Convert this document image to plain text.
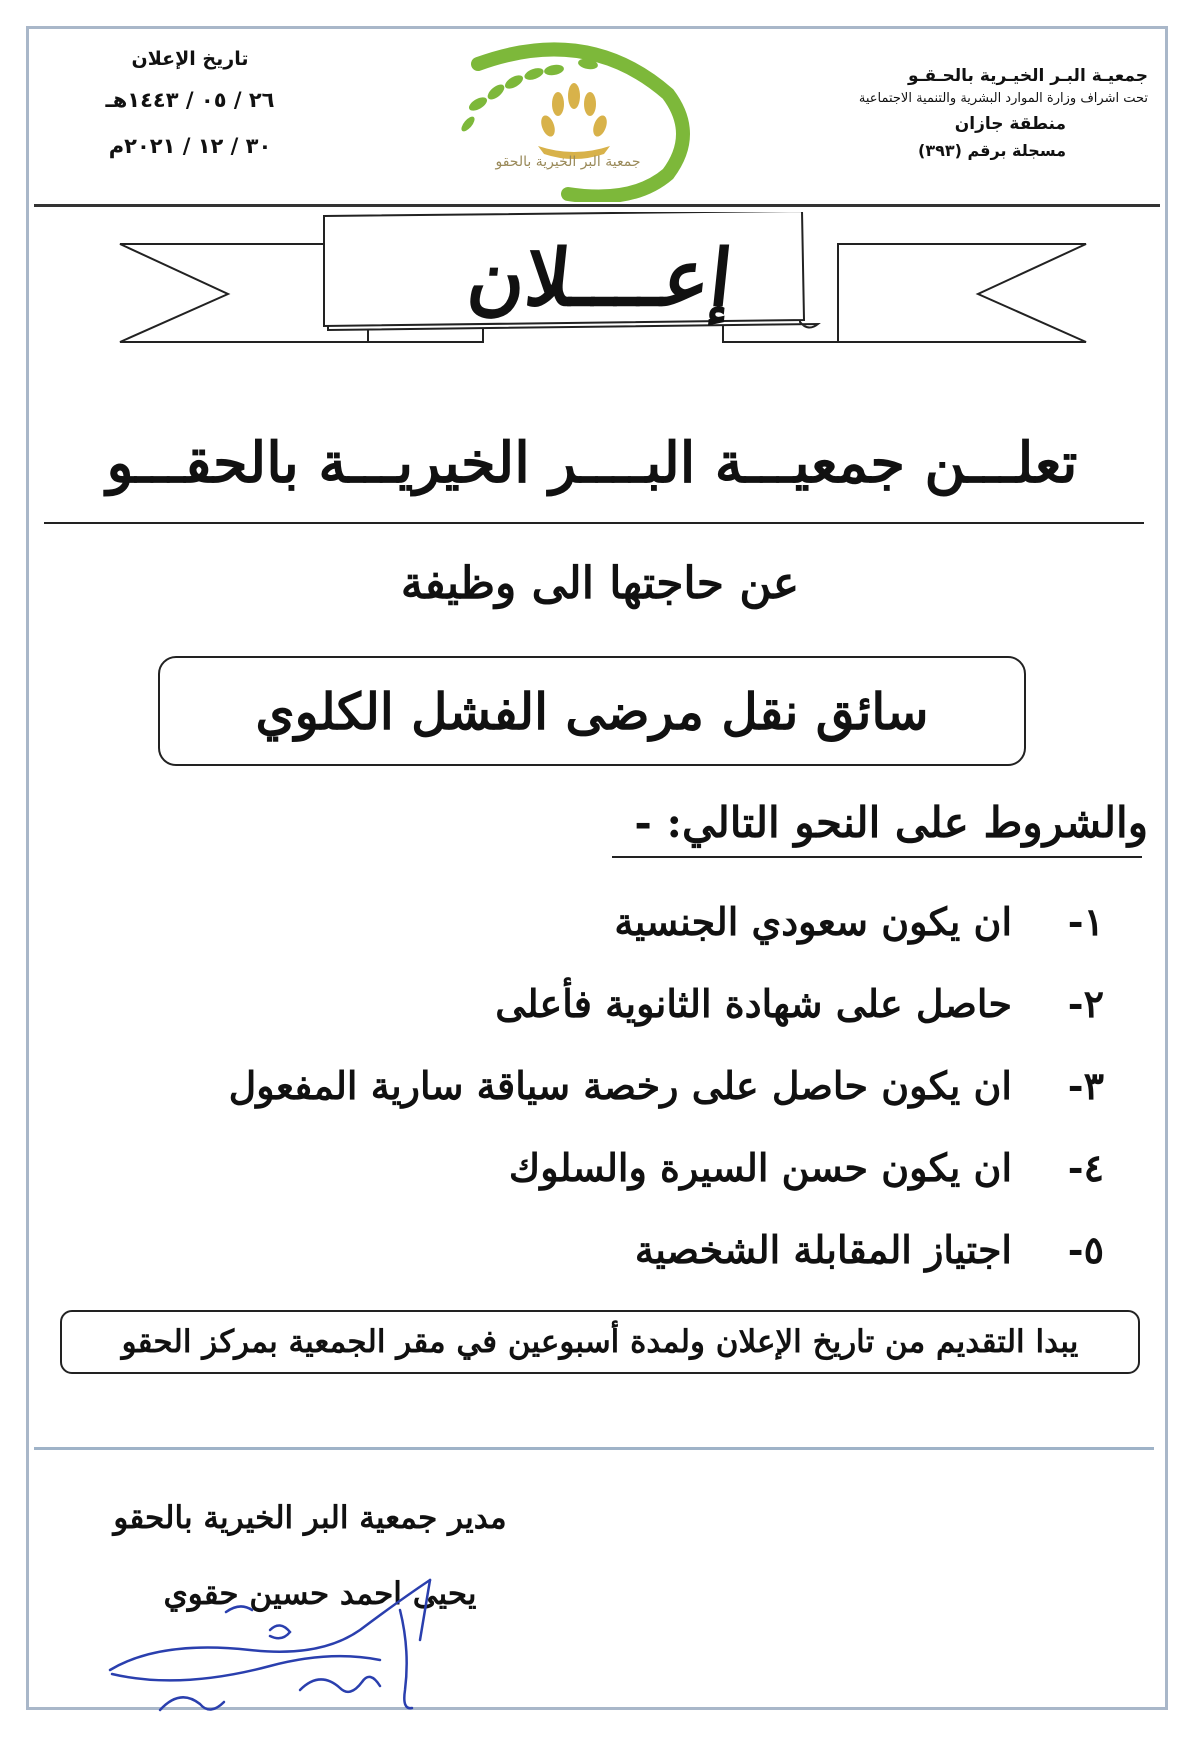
جمعيـة البـر الخيـرية بالحـقـو
تحت اشراف وزارة الموارد البشرية والتنمية الاجتماعية
منطقة جازان
مسجلة برقم (٣٩٣)
جمعية البر الخيرية بالحقو
تاريخ الإعلان
٢٦ / ٠٥ / ١٤٤٣هـ
٣٠ / ١٢ / ٢٠٢١م
إعــــلان
تعلـــن جمعيـــة البــــر الخيريـــة بالحقـــو
عن حاجتها الى وظيفة
سائق نقل مرضى الفشل الكلوي
والشروط على النحو التالي: -
١-
ان يكون سعودي الجنسية
٢-
حاصل على شهادة الثانوية فأعلى
٣-
ان يكون حاصل على رخصة سياقة سارية المفعول
٤-
ان يكون حسن السيرة والسلوك
٥-
اجتياز المقابلة الشخصية
يبدا التقديم من تاريخ الإعلان ولمدة أسبوعين في مقر الجمعية بمركز الحقو
مدير جمعية البر الخيرية بالحقو
يحيى احمد حسين حقوي
